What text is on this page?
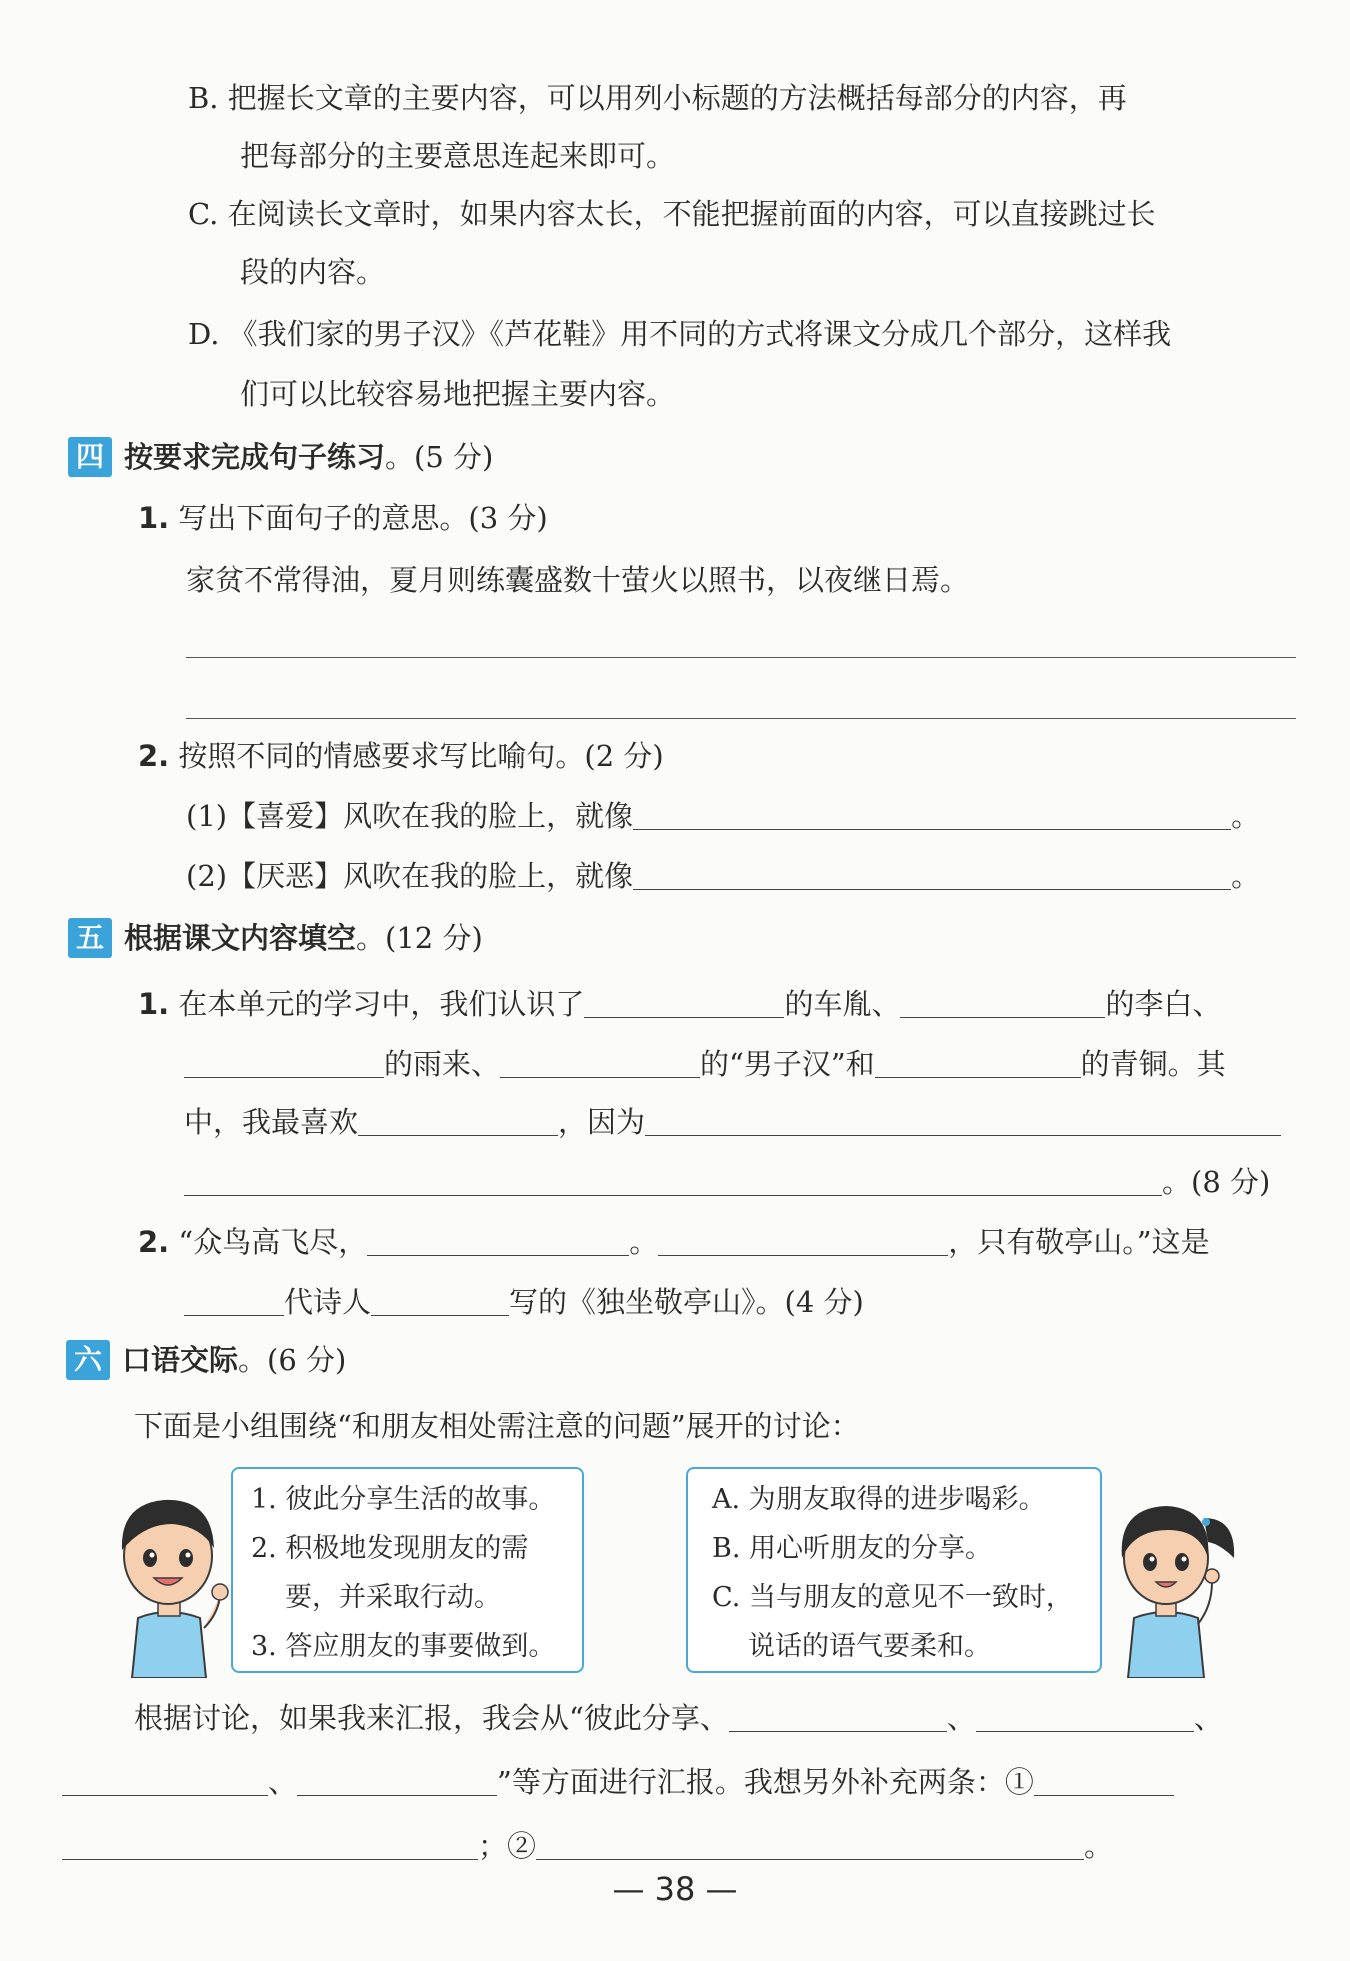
B. 把握长文章的主要内容，可以用列小标题的方法概括每部分的内容，再
把每部分的主要意思连起来即可。
C. 在阅读长文章时，如果内容太长，不能把握前面的内容，可以直接跳过长
段的内容。
D. 《我们家的男子汉》《芦花鞋》用不同的方式将课文分成几个部分，这样我
们可以比较容易地把握主要内容。
四 按要求完成句子练习。(5 分)
1. 写出下面句子的意思。(3 分)
家贫不常得油，夏月则练囊盛数十萤火以照书，以夜继日焉。
2. 按照不同的情感要求写比喻句。(2 分)
(1)【喜爱】风吹在我的脸上，就像	。
(2)【厌恶】风吹在我的脸上，就像	。
五 根据课文内容填空。(12 分)
1. 在本单元的学习中，我们认识了	的车胤、	的李白、
的雨来、	的“男子汉”和	的青铜。其
中，我最喜欢	，因为
。(8 分)
2. “众鸟高飞尽，	。	，只有敬亭山。”这是
代诗人	写的《独坐敬亭山》。(4 分)
六 口语交际。(6 分)
下面是小组围绕“和朋友相处需注意的问题”展开的讨论：
1. 彼此分享生活的故事。
2. 积极地发现朋友的需
要，并采取行动。
3. 答应朋友的事要做到。
A. 为朋友取得的进步喝彩。
B. 用心听朋友的分享。
C. 当与朋友的意见不一致时，
说话的语气要柔和。
根据讨论，如果我来汇报，我会从“彼此分享、	、	、
、	”等方面进行汇报。我想另外补充两条：①
；②	。
— 38 —
